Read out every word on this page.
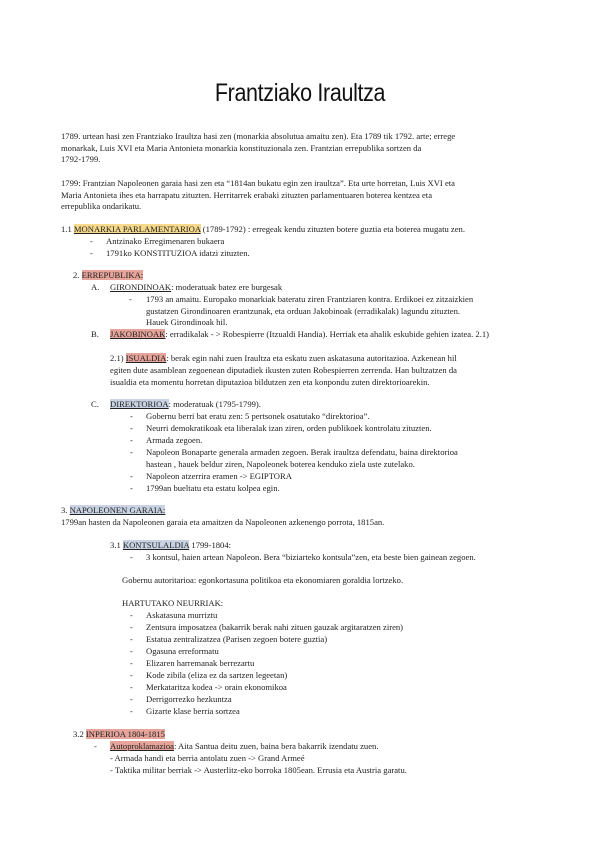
Frantziako Iraultza
1789. urtean hasi zen Frantziako Iraultza hasi zen (monarkia absolutua amaitu zen). Eta 1789 tik 1792. arte; errege
monarkak, Luis XVI eta Maria Antonieta monarkia konstituzionala zen. Frantzian errepublika sortzen da
1792-1799.
1799: Frantzian Napoleonen garaia hasi zen eta “1814an bukatu egin zen iraultza”. Eta urte horretan, Luis XVI eta
Maria Antonieta ihes eta harrapatu zituzten. Herritarrek erabaki zituzten parlamentuaren boterea kentzea eta
errepublika ondarikatu.
1.1 MONARKIA PARLAMENTARIOA (1789-1792) : erregeak kendu zituzten botere guztia eta boterea mugatu zen.
- Antzinako Erregimenaren bukaera
- 1791ko KONSTITUZIOA idatzi zituzten.
2. ERREPUBLIKA:
A. GIRONDINOAK: moderatuak batez ere burgesak
- 1793 an amaitu. Europako monarkiak bateratu ziren Frantziaren kontra. Erdikoei ez zitzaizkien
gustatzen Girondinoaren erantzunak, eta orduan Jakobinoak (erradikalak) lagundu zituzten.
Hauek Girondinoak hil.
B. JAKOBINOAK: erradikalak - > Robespierre (Itzualdi Handia). Herriak eta ahalik eskubide gehien izatea. 2.1)
2.1) ISUALDIA: berak egin nahi zuen Iraultza eta eskatu zuen askatasuna autoritazioa. Azkenean hil
egiten dute asamblean zegoenean diputadiek ikusten zuten Robespierren zerrenda. Han bultzatzen da
isualdia eta momentu horretan diputazioa bildutzen zen eta konpondu zuten direktorioarekin.
C. DIREKTORIOA: moderatuak (1795-1799).
- Gobernu berri bat eratu zen: 5 pertsonek osatutako “direktorioa”.
- Neurri demokratikoak eta liberalak izan ziren, orden publikoek kontrolatu zituzten.
- Armada zegoen.
- Napoleon Bonaparte generala armaden zegoen. Berak iraultza defendatu, baina direktorioa
hastean , hauek beldur ziren, Napoleonek boterea kenduko ziela uste zutelako.
- Napoleon atzerrira eramen -> EGIPTORA
- 1799an bueltatu eta estatu kolpea egin.
3. NAPOLEONEN GARAIA:
1799an hasten da Napoleonen garaia eta amaitzen da Napoleonen azkenengo porrota, 1815an.
3.1 KONTSULALDIA 1799-1804:
- 3 kontsul, haien artean Napoleon. Bera “biziarteko kontsula”zen, eta beste bien gainean zegoen.
Gobernu autoritarioa: egonkortasuna politikoa eta ekonomiaren goraldia lortzeko.
HARTUTAKO NEURRIAK:
- Askatasuna murriztu
- Zentsura imposatzea (bakarrik berak nahi zituen gauzak argitaratzen ziren)
- Estatua zentralizatzea (Parisen zegoen botere guztia)
- Ogasuna erreformatu
- Elizaren harremanak berrezartu
- Kode zibila (eliza ez da sartzen legeetan)
- Merkataritza kodea -> orain ekonomikoa
- Derrigorrezko hezkuntza
- Gizarte klase berria sortzea
3.2 INPERIOA 1804-1815
- Autoproklamazioa: Aita Santua deitu zuen, baina bera bakarrik izendatu zuen.
- Armada handi eta berria antolatu zuen -> Grand Armeé
- Taktika militar berriak -> Austerlitz-eko borroka 1805ean. Errusia eta Austria garatu.
